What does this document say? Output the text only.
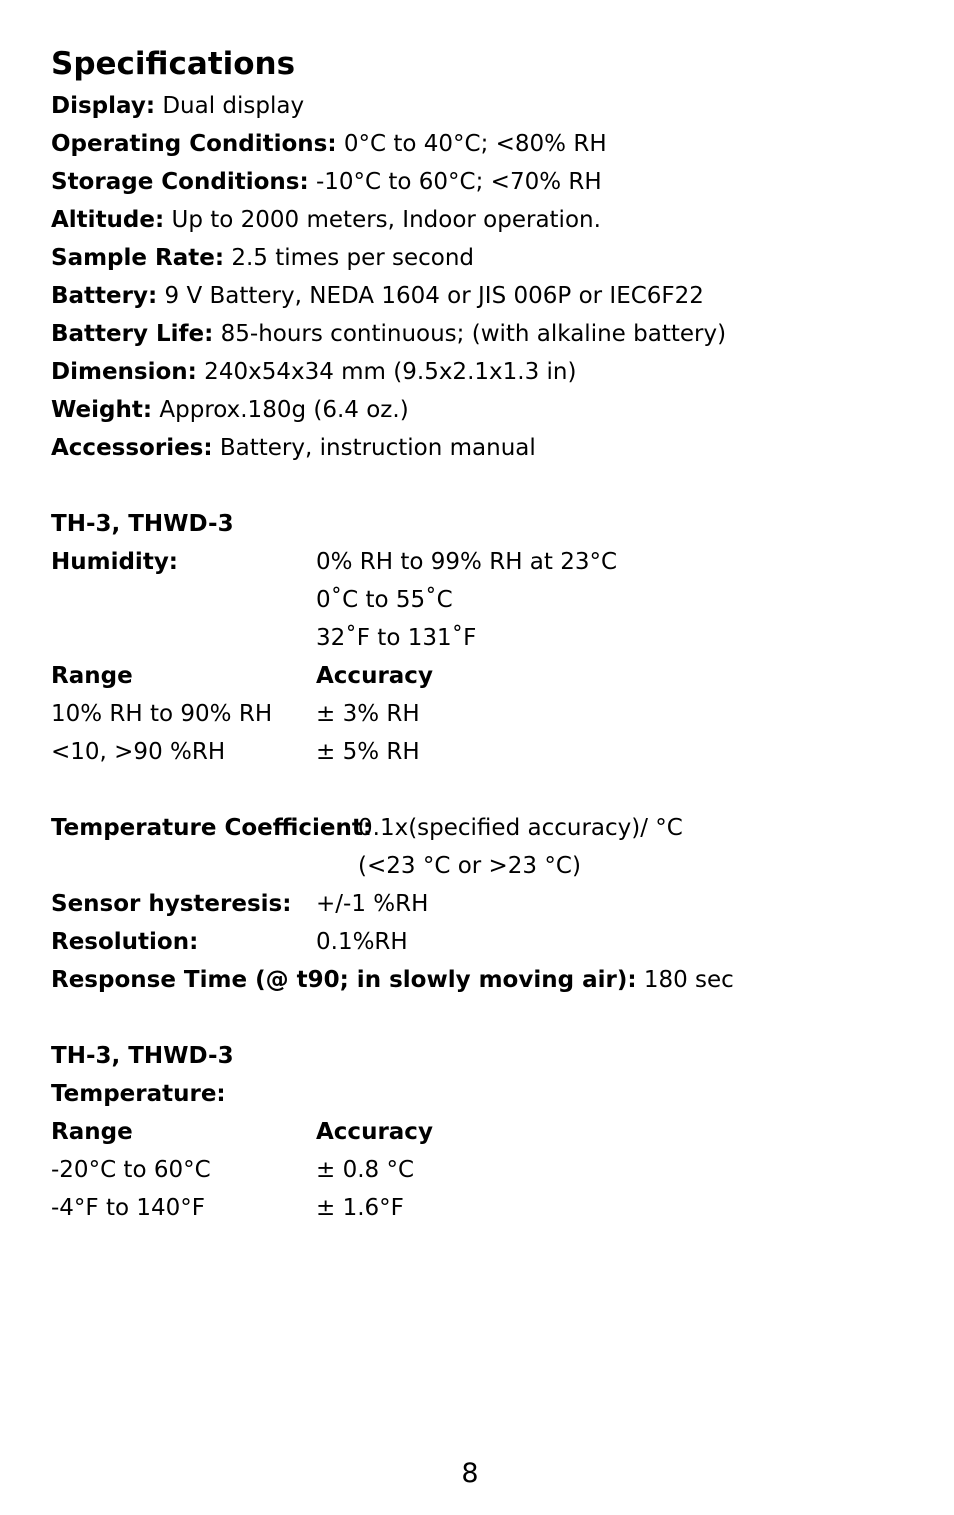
Specifications
Display: Dual display
Operating Conditions: 0°C to 40°C; <80% RH
Storage Conditions: -10°C to 60°C; <70% RH
Altitude: Up to 2000 meters, Indoor operation.
Sample Rate: 2.5 times per second
Battery: 9 V Battery, NEDA 1604 or JIS 006P or IEC6F22
Battery Life: 85-hours continuous; (with alkaline battery)
Dimension: 240x54x34 mm (9.5x2.1x1.3 in)
Weight: Approx.180g (6.4 oz.)
Accessories: Battery, instruction manual
TH-3, THWD-3
Humidity:	0% RH to 99% RH at 23°C
0˚C to 55˚C
32˚F to 131˚F
Range	Accuracy
10% RH to 90% RH	± 3% RH
<10, >90 %RH	± 5% RH
Temperature Coefficient:
0.1x(specified accuracy)/ °C
(<23 °C or >23 °C)
Sensor hysteresis:	+/-1 %RH
Resolution:	0.1%RH
Response Time (@ t90; in slowly moving air): 180 sec
TH-3, THWD-3
Temperature:
Range	Accuracy
-20°C to 60°C	± 0.8 °C
-4°F to 140°F	± 1.6°F
8
